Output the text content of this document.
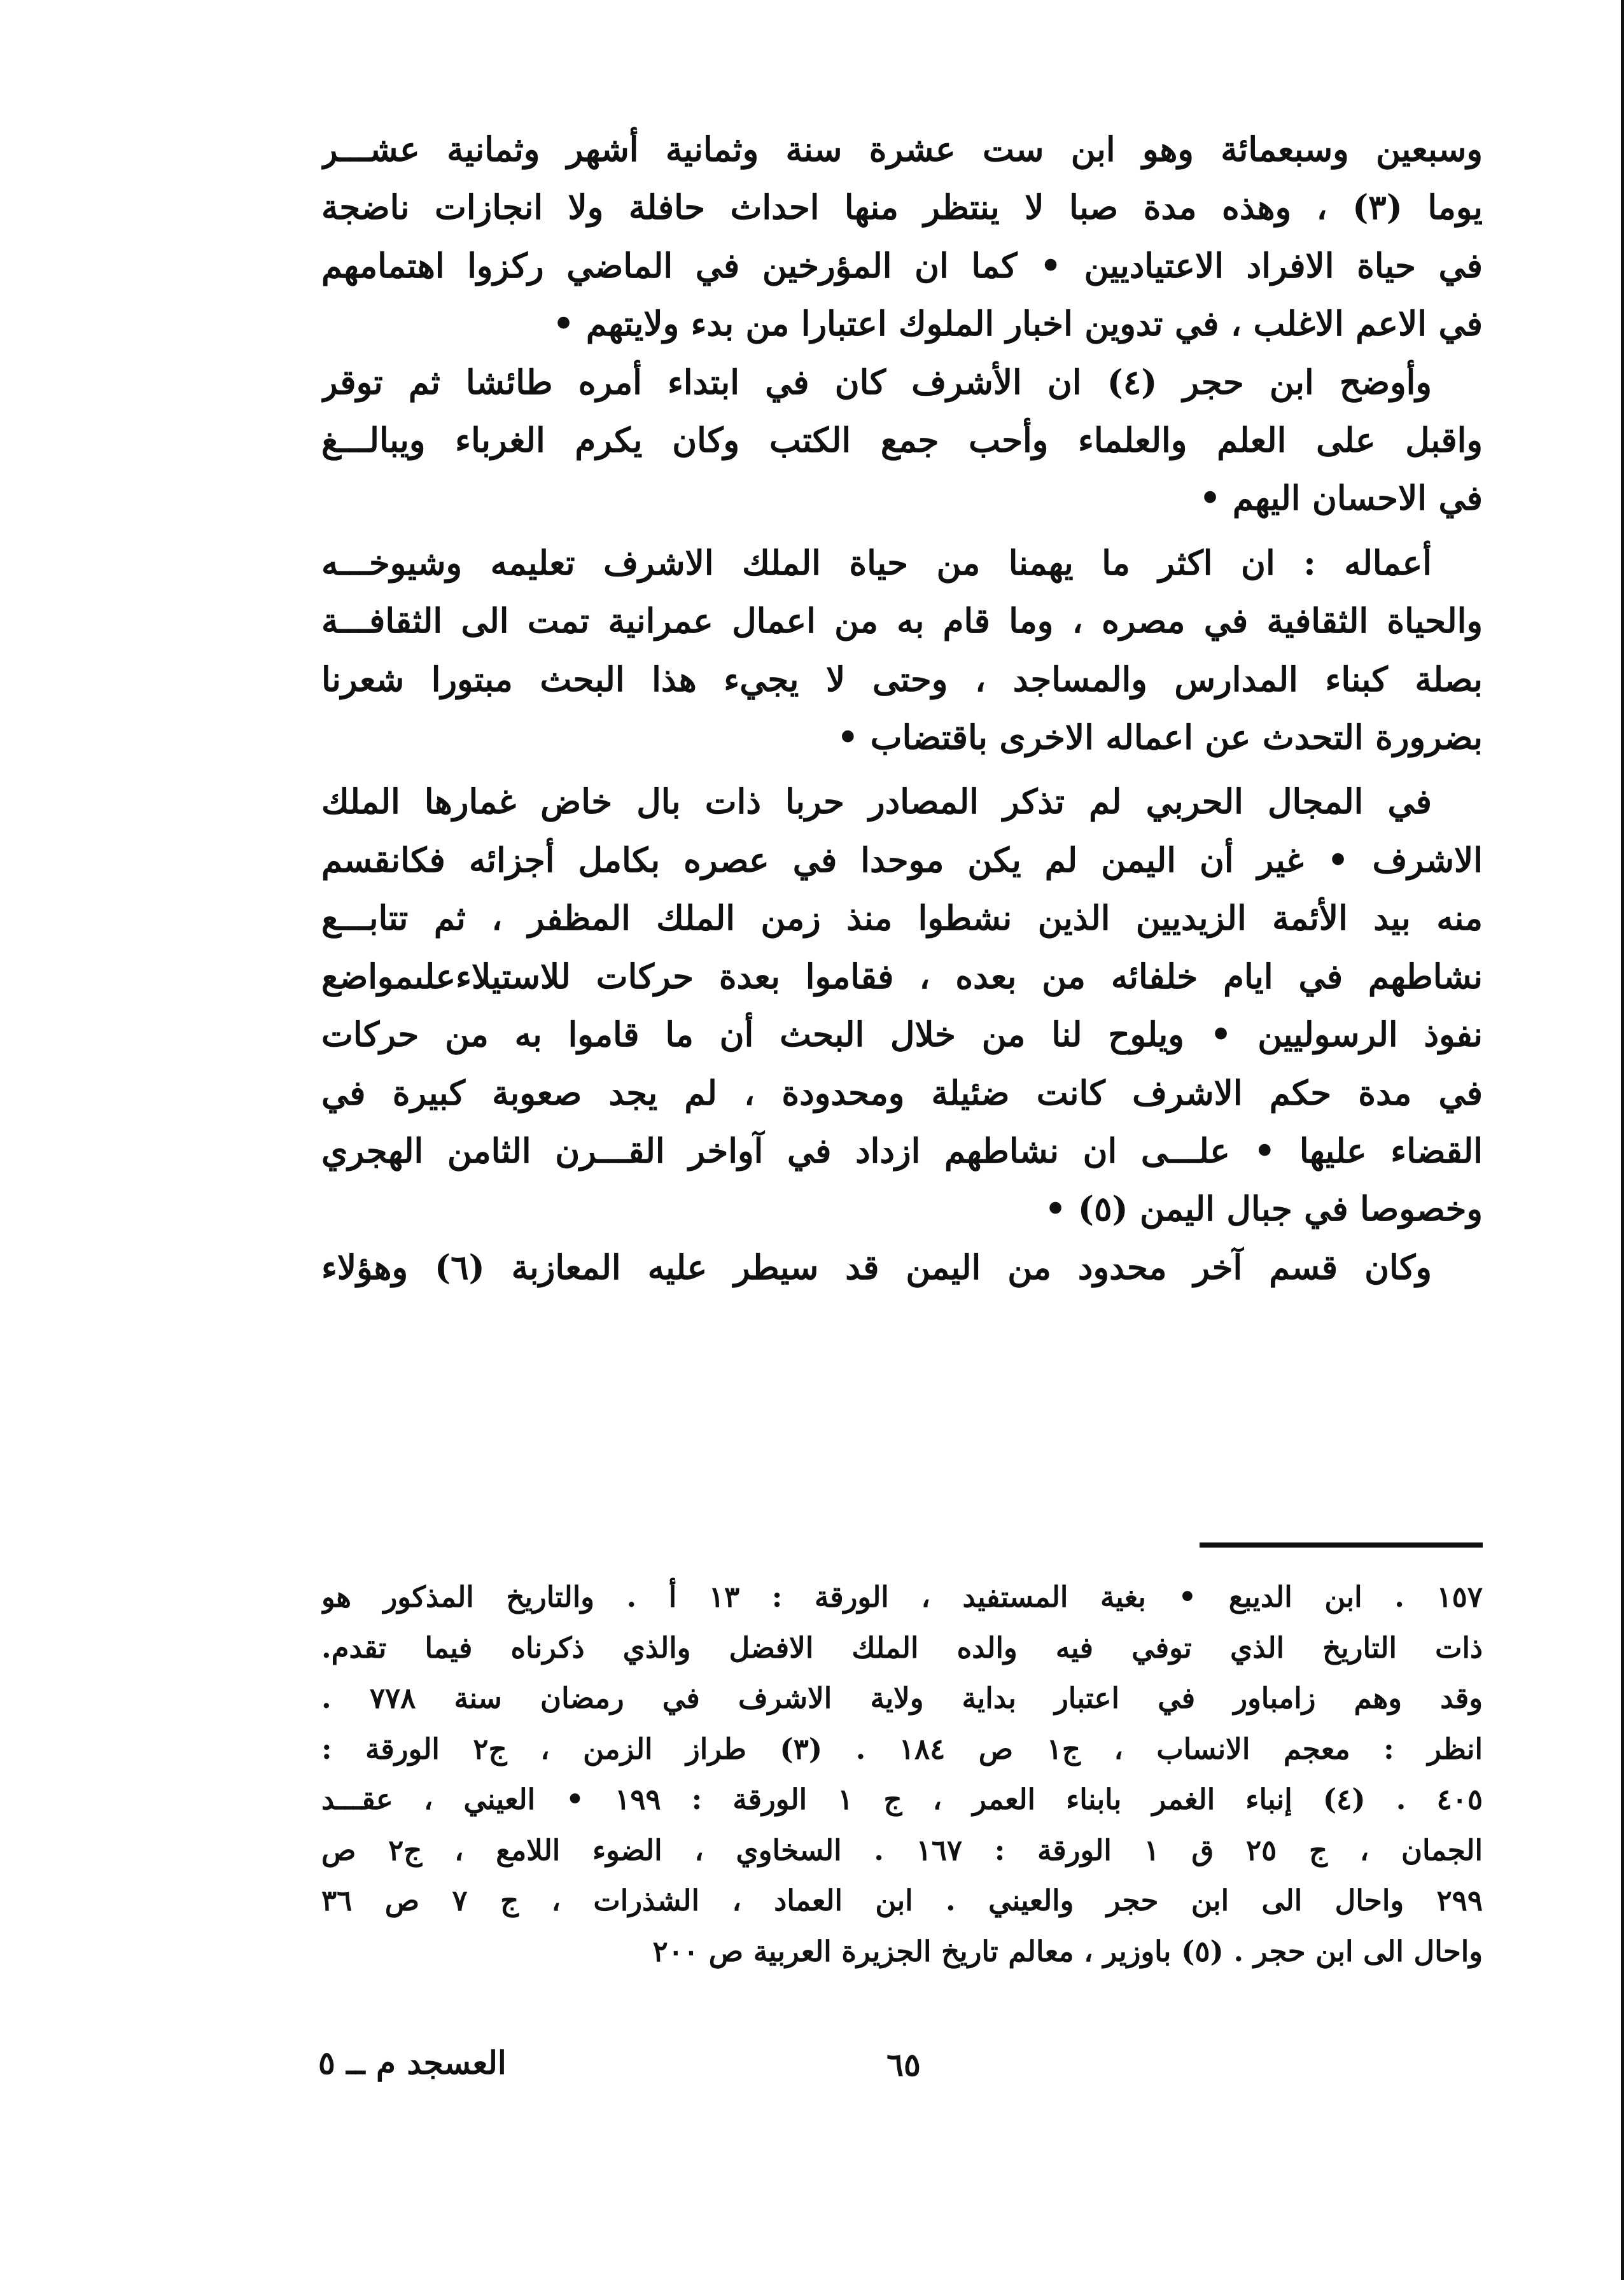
وسبعين وسبعمائة وهو ابن ست عشرة سنة وثمانية أشهر وثمانية عشـــر
يوما (٣) ، وهذه مدة صبا لا ينتظر منها احداث حافلة ولا انجازات ناضجة
في حياة الافراد الاعتياديين • كما ان المؤرخين في الماضي ركزوا اهتمامهم
في الاعم الاغلب ، في تدوين اخبار الملوك اعتبارا من بدء ولايتهم •
وأوضح ابن حجر (٤) ان الأشرف كان في ابتداء أمره طائشا ثم توقر
واقبل على العلم والعلماء وأحب جمع الكتب وكان يكرم الغرباء ويبالـــغ
في الاحسان اليهم •
أعماله : ان اكثر ما يهمنا من حياة الملك الاشرف تعليمه وشيوخـــه
والحياة الثقافية في مصره ، وما قام به من اعمال عمرانية تمت الى الثقافـــة
بصلة كبناء المدارس والمساجد ، وحتى لا يجيء هذا البحث مبتورا شعرنا
بضرورة التحدث عن اعماله الاخرى باقتضاب •
في المجال الحربي لم تذكر المصادر حربا ذات بال خاض غمارها الملك
الاشرف • غير أن اليمن لم يكن موحدا في عصره بكامل أجزائه فكانقسم
منه بيد الأئمة الزيديين الذين نشطوا منذ زمن الملك المظفر ، ثم تتابـــع
نشاطهم في ايام خلفائه من بعده ، فقاموا بعدة حركات للاستيلاءعلىمواضع
نفوذ الرسوليين • ويلوح لنا من خلال البحث أن ما قاموا به من حركات
في مدة حكم الاشرف كانت ضئيلة ومحدودة ، لم يجد صعوبة كبيرة في
القضاء عليها • علـــى ان نشاطهم ازداد في آواخر القـــرن الثامن الهجري
وخصوصا في جبال اليمن (٥) •
وكان قسم آخر محدود من اليمن قد سيطر عليه المعازبة (٦) وهؤلاء
١٥٧ . ابن الديبع • بغية المستفيد ، الورقة : ١٣ أ . والتاريخ المذكور هو
ذات التاريخ الذي توفي فيه والده الملك الافضل والذي ذكرناه فيما تقدم.
وقد وهم زامباور في اعتبار بداية ولاية الاشرف في رمضان سنة ٧٧٨ .
انظر : معجم الانساب ، ج١ ص ١٨٤ . (٣) طراز الزمن ، ج٢ الورقة :
٤٠٥ . (٤) إنباء الغمر بابناء العمر ، ج ١ الورقة : ١٩٩ • العيني ، عقـــد
الجمان ، ج ٢٥ ق ١ الورقة : ١٦٧ . السخاوي ، الضوء اللامع ، ج٢ ص
٢٩٩ واحال الى ابن حجر والعيني . ابن العماد ، الشذرات ، ج ٧ ص ٣٦
واحال الى ابن حجر . (٥) باوزير ، معالم تاريخ الجزيرة العربية ص ٢٠٠
٦٥
العسجد م ــ ٥
